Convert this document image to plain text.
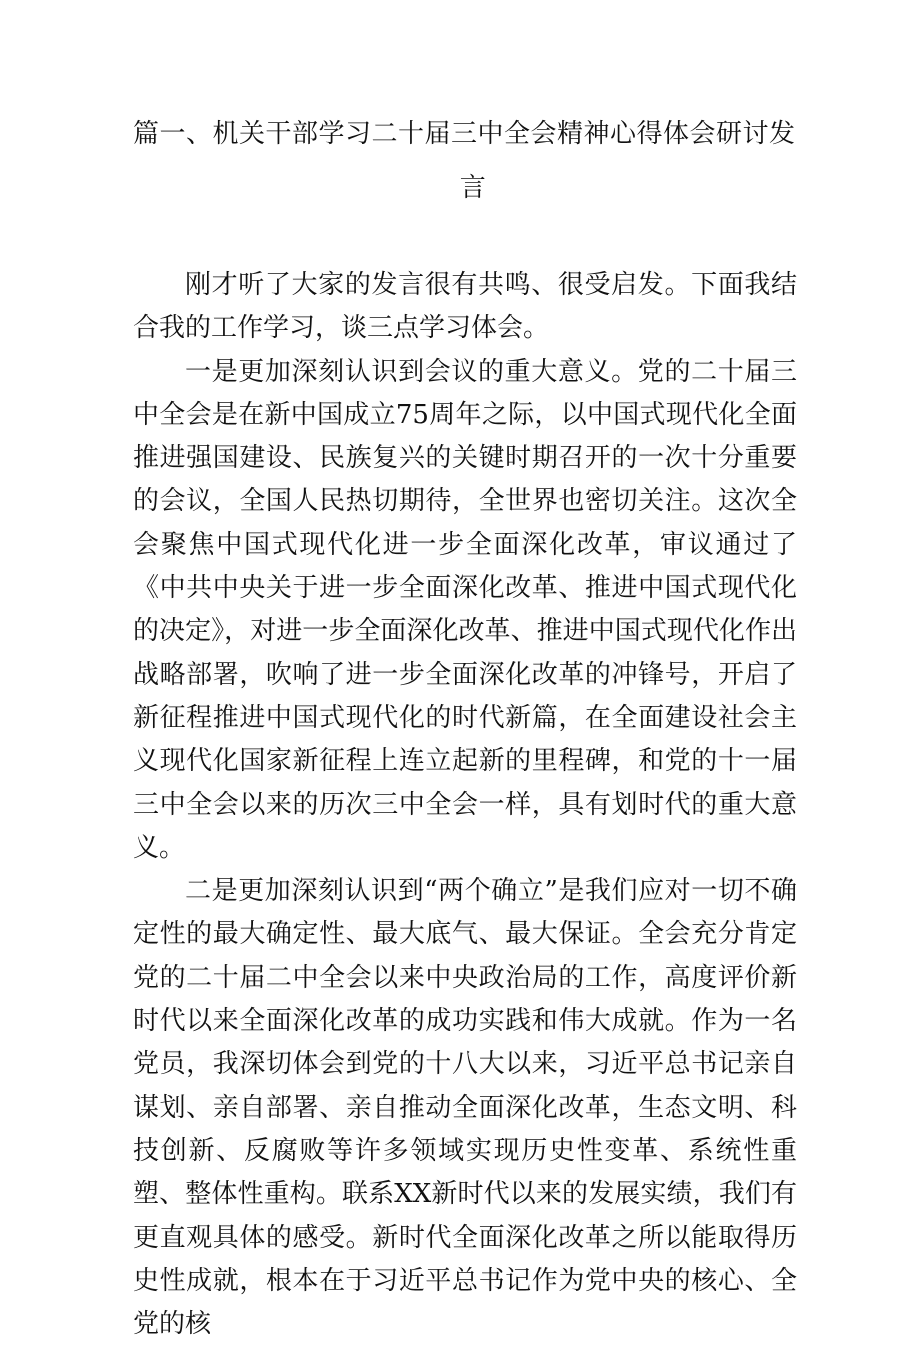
篇一、机关干部学习二十届三中全会精神心得体会研讨发
言

刚才听了大家的发言很有共鸣、很受启发。下面我结合我的工作学习，谈三点学习体会。

一是更加深刻认识到会议的重大意义。党的二十届三中全会是在新中国成立75周年之际，以中国式现代化全面推进强国建设、民族复兴的关键时期召开的一次十分重要的会议，全国人民热切期待，全世界也密切关注。这次全会聚焦中国式现代化进一步全面深化改革，审议通过了《中共中央关于进一步全面深化改革、推进中国式现代化的决定》，对进一步全面深化改革、推进中国式现代化作出战略部署，吹响了进一步全面深化改革的冲锋号，开启了新征程推进中国式现代化的时代新篇，在全面建设社会主义现代化国家新征程上连立起新的里程碑，和党的十一届三中全会以来的历次三中全会一样，具有划时代的重大意义。

二是更加深刻认识到“两个确立”是我们应对一切不确定性的最大确定性、最大底气、最大保证。全会充分肯定党的二十届二中全会以来中央政治局的工作，高度评价新时代以来全面深化改革的成功实践和伟大成就。作为一名党员，我深切体会到党的十八大以来，习近平总书记亲自谋划、亲自部署、亲自推动全面深化改革，生态文明、科技创新、反腐败等许多领域实现历史性变革、系统性重塑、整体性重构。联系XX新时代以来的发展实绩，我们有更直观具体的感受。新时代全面深化改革之所以能取得历史性成就，根本在于习近平总书记作为党中央的核心、全党的核
